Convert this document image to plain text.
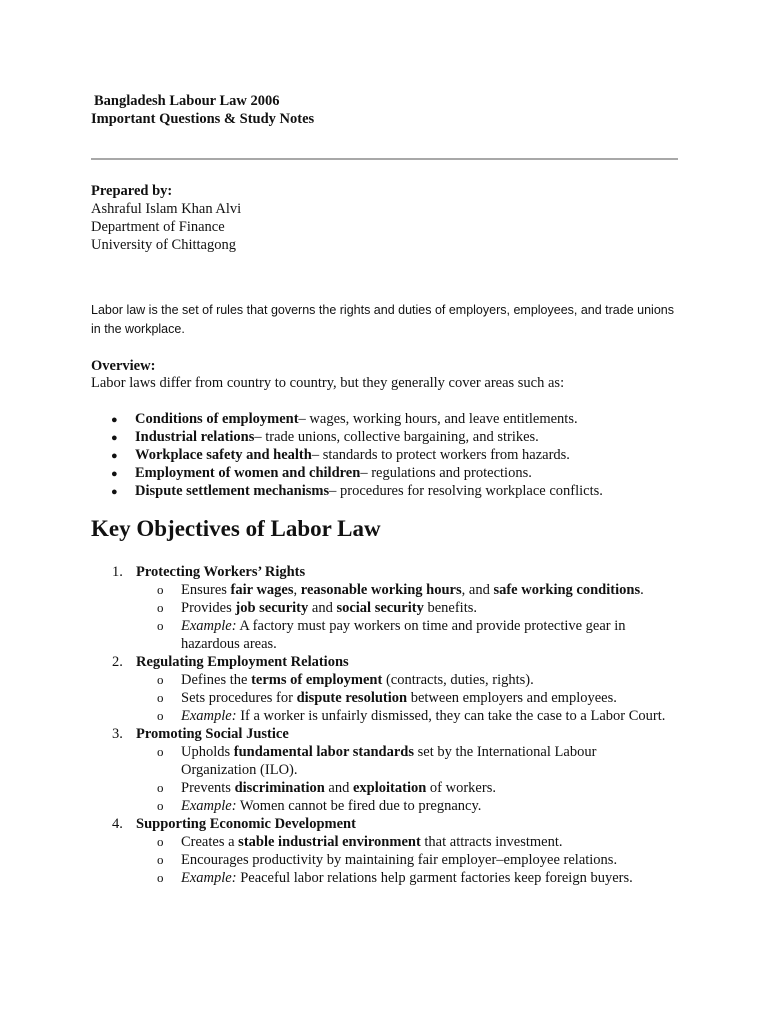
Bangladesh Labour Law 2006
Important Questions & Study Notes
Prepared by:
Ashraful Islam Khan Alvi
Department of Finance
University of Chittagong
Labor law is the set of rules that governs the rights and duties of employers, employees, and trade unions in the workplace.
Overview:
Labor laws differ from country to country, but they generally cover areas such as:
●	Conditions of employment – wages, working hours, and leave entitlements.
●	Industrial relations – trade unions, collective bargaining, and strikes.
●	Workplace safety and health – standards to protect workers from hazards.
●	Employment of women and children – regulations and protections.
●	Dispute settlement mechanisms – procedures for resolving workplace conflicts.
Key Objectives of Labor Law
1. Protecting Workers’ Rights
o	Ensures fair wages, reasonable working hours, and safe working conditions.
o	Provides job security and social security benefits.
o	Example: A factory must pay workers on time and provide protective gear in hazardous areas.
2. Regulating Employment Relations
o	Defines the terms of employment (contracts, duties, rights).
o	Sets procedures for dispute resolution between employers and employees.
o	Example: If a worker is unfairly dismissed, they can take the case to a Labor Court.
3. Promoting Social Justice
o	Upholds fundamental labor standards set by the International Labour Organization (ILO).
o	Prevents discrimination and exploitation of workers.
o	Example: Women cannot be fired due to pregnancy.
4. Supporting Economic Development
o	Creates a stable industrial environment that attracts investment.
o	Encourages productivity by maintaining fair employer–employee relations.
o	Example: Peaceful labor relations help garment factories keep foreign buyers.
